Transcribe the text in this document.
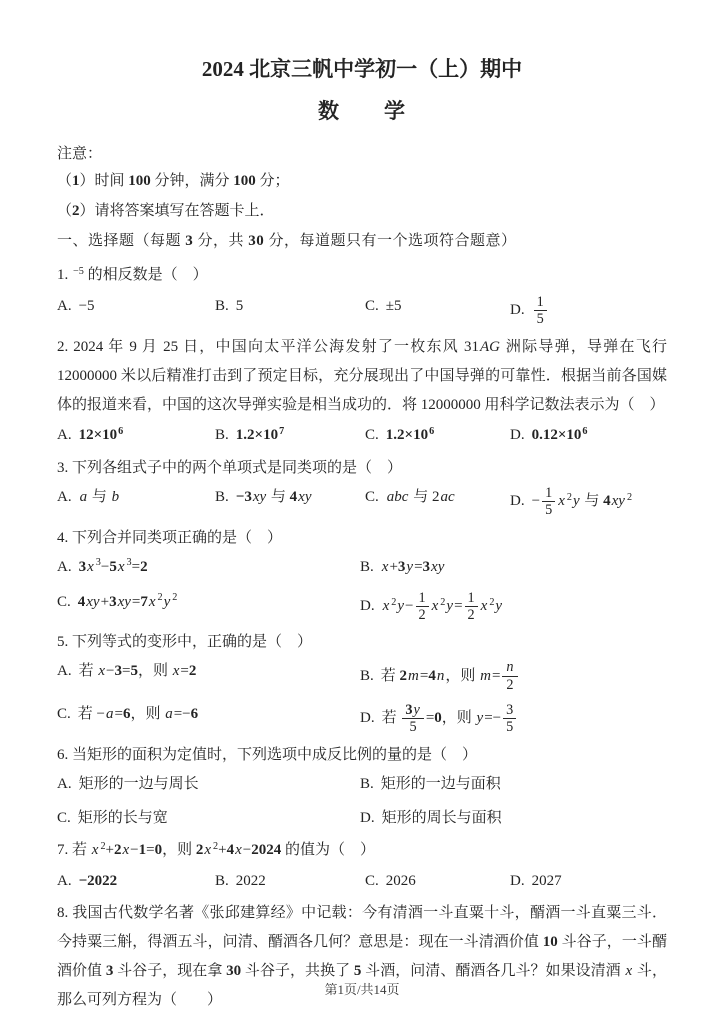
2024 北京三帆中学初一（上）期中
数　　学
注意：
（1）时间 100 分钟，满分 100 分；
（2）请将答案填写在答题卡上．
一、选择题（每题 3 分，共 30 分，每道题只有一个选项符合题意）

1. $^{-5}$ 的相反数是（　）

A. −5	B. 5	C. ±5	D. $\frac{1}{5}$

2. 2024 年 9 月 25 日，中国向太平洋公海发射了一枚东风 31AG 洲际导弹，导弹在飞行 12000000 米以后精准打击到了预定目标，充分展现出了中国导弹的可靠性．根据当前各国媒体的报道来看，中国的这次导弹实验是相当成功的．将 12000000 用科学记数法表示为（　）

A. $12\times 10^6$	B. $1.2\times 10^7$	C. $1.2\times 10^6$	D. $0.12\times 10^6$

3. 下列各组式子中的两个单项式是同类项的是（　）

A. a 与 b	B. −3xy 与 4xy	C. abc 与 2ac	D. − $\frac{1}{5}$ x $^2$y 与 4xy $^2$

4. 下列合并同类项正确的是（　）

A. 3x $^3$−5x $^3$=2	B. x+3y=3xy
C. 4xy+3xy=7x $^2$y $^2$	D. x $^2y- \frac{1}{2}$ x $^2y= \frac{1}{2}$ x $^2$y

5. 下列等式的变形中，正确的是（　）

A. 若 x−3=5，则 x=2	B. 若 2m=4n，则 $m= \frac{n}{2}$
C. 若 −a=6，则 a=−6	D. 若 $\frac{3y}{5} =0$，则 $y=- \frac{3}{5}$

6. 当矩形的面积为定值时，下列选项中成反比例的量的是（　）

A. 矩形的一边与周长	B. 矩形的一边与面积
C. 矩形的长与宽	D. 矩形的周长与面积

7. 若 x $^2$+2x−1=0，则 2x $^2$+4x−2024 的值为（　）

A. −2022	B. 2022	C. 2026	D. 2027

8. 我国古代数学名著《张邱建算经》中记载：今有清酒一斗直粟十斗，醑酒一斗直粟三斗．今持粟三斛，得酒五斗，问清、醑酒各几何？意思是：现在一斗清酒价值 10 斗谷子，一斗醑酒价值 3 斗谷子，现在拿 30 斗谷子，共换了 5 斗酒，问清、醑酒各几斗？如果设清酒 x 斗，那么可列方程为（　　）

第1页/共14页
